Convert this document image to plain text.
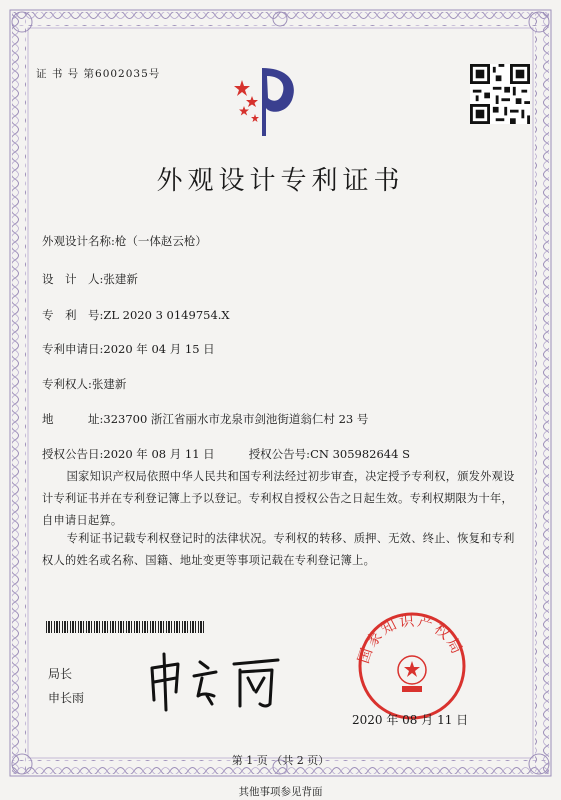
证 书 号 第6002035号
外观设计专利证书
外观设计名称:枪（一体赵云枪）
设　计　人:张建新
专　利　号:ZL 2020 3 0149754.X
专利申请日:2020 年 04 月 15 日
专利权人:张建新
地　　　址:323700 浙江省丽水市龙泉市剑池街道翁仁村 23 号
授权公告日:2020 年 08 月 11 日	授权公告号:CN 305982644 S
国家知识产权局依照中华人民共和国专利法经过初步审查，决定授予专利权，颁发外观设计专利证书并在专利登记簿上予以登记。专利权自授权公告之日起生效。专利权期限为十年，自申请日起算。
专利证书记载专利权登记时的法律状况。专利权的转移、质押、无效、终止、恢复和专利权人的姓名或名称、国籍、地址变更等事项记载在专利登记簿上。
国家知识产权局
2020 年 08 月 11 日
局长
申长雨
第 1 页 （共 2 页）
其他事项参见背面
